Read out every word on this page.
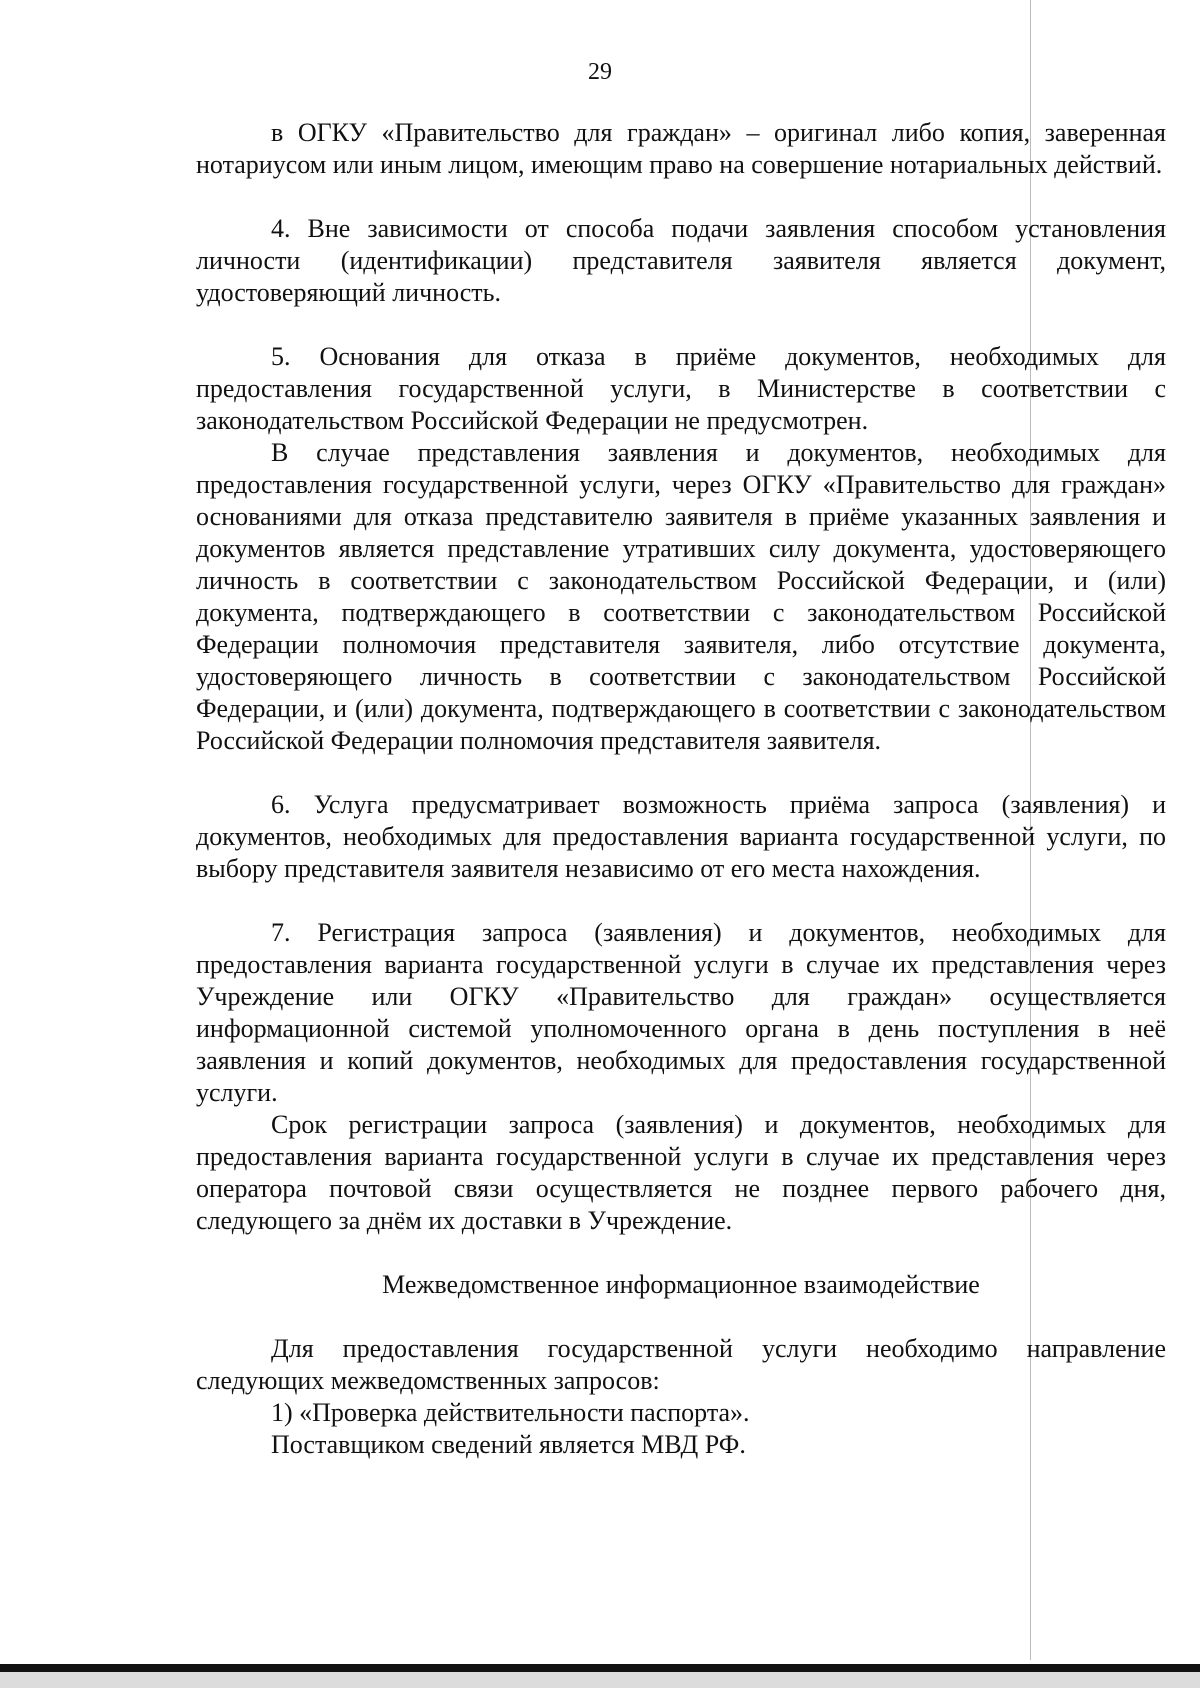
29

в ОГКУ «Правительство для граждан» – оригинал либо копия, заверенная нотариусом или иным лицом, имеющим право на совершение нотариальных действий.

4. Вне зависимости от способа подачи заявления способом установления личности (идентификации) представителя заявителя является документ, удостоверяющий личность.

5. Основания для отказа в приёме документов, необходимых для предоставления государственной услуги, в Министерстве в соответствии с законодательством Российской Федерации не предусмотрен.

В случае представления заявления и документов, необходимых для предоставления государственной услуги, через ОГКУ «Правительство для граждан» основаниями для отказа представителю заявителя в приёме указанных заявления и документов является представление утративших силу документа, удостоверяющего личность в соответствии с законодательством Российской Федерации, и (или) документа, подтверждающего в соответствии с законодательством Российской Федерации полномочия представителя заявителя, либо отсутствие документа, удостоверяющего личность в соответствии с законодательством Российской Федерации, и (или) документа, подтверждающего в соответствии с законодательством Российской Федерации полномочия представителя заявителя.

6. Услуга предусматривает возможность приёма запроса (заявления) и документов, необходимых для предоставления варианта государственной услуги, по выбору представителя заявителя независимо от его места нахождения.

7. Регистрация запроса (заявления) и документов, необходимых для предоставления варианта государственной услуги в случае их представления через Учреждение или ОГКУ «Правительство для граждан» осуществляется информационной системой уполномоченного органа в день поступления в неё заявления и копий документов, необходимых для предоставления государственной услуги.

Срок регистрации запроса (заявления) и документов, необходимых для предоставления варианта государственной услуги в случае их представления через оператора почтовой связи осуществляется не позднее первого рабочего дня, следующего за днём их доставки в Учреждение.

Межведомственное информационное взаимодействие

Для предоставления государственной услуги необходимо направление следующих межведомственных запросов:

1) «Проверка действительности паспорта».

Поставщиком сведений является МВД РФ.
